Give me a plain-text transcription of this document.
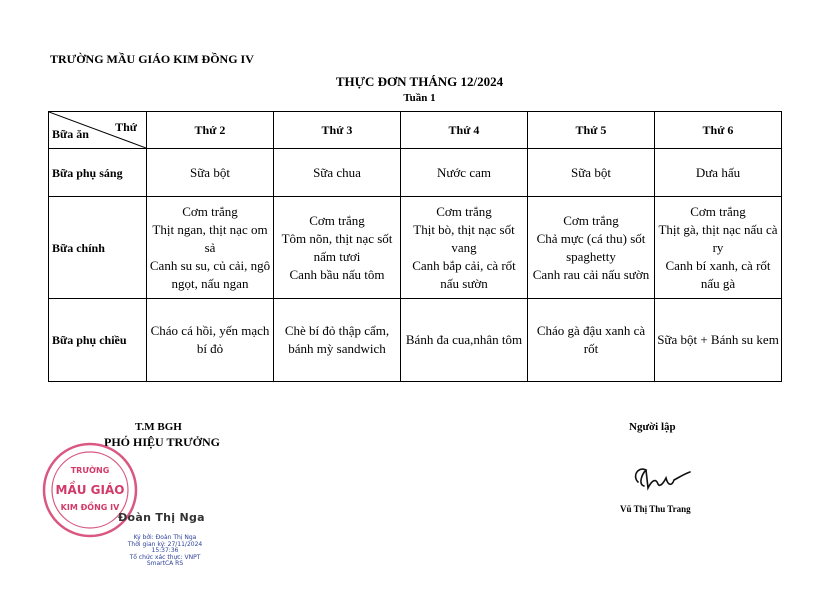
TRƯỜNG MẦU GIÁO KIM ĐỒNG IV
THỰC ĐƠN THÁNG 12/2024
Tuần 1
Bữa ăn Thứ	Thứ 2	Thứ 3	Thứ 4	Thứ 5	Thứ 6
Bữa phụ sáng	Sữa bột	Sữa chua	Nước cam	Sữa bột	Dưa hấu

Bữa chính	Cơm trắng
Thịt ngan, thịt nạc om sả
Canh su su, củ cải, ngô ngọt, nấu ngan	Cơm trắng
Tôm nõn, thịt nạc sốt nấm tươi
Canh bầu nấu tôm	Cơm trắng
Thịt bò, thịt nạc sốt vang
Canh bắp cải, cà rốt nấu sườn	Cơm trắng
Chả mực (cá thu) sốt spaghetty
Canh rau cải nấu sườn	Cơm trắng
Thịt gà, thịt nạc nấu cà ry
Canh bí xanh, cà rốt nấu gà

Bữa phụ chiều	Cháo cá hồi, yến mạch bí đỏ	Chè bí đỏ thập cẩm, bánh mỳ sandwich	Bánh đa cua,nhân tôm	Cháo gà đậu xanh cà rốt	Sữa bột + Bánh su kem
T.M BGH
PHÓ HIỆU TRƯỞNG
TRƯỜNG
MẦU GIÁO
KIM ĐỒNG IV
Đoàn Thị Nga
Ký bởi: Đoàn Thị Nga
Thời gian ký: 27/11/2024
15:37:36
Tổ chức xác thực: VNPT
SmartCA RS
Người lập
Vũ Thị Thu Trang
